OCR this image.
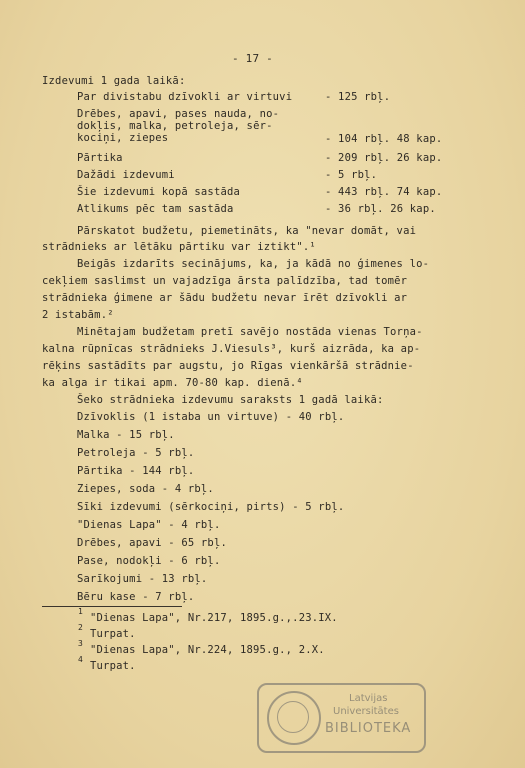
- 17 -
Izdevumi 1 gada laikā:
Par divistabu dzīvokli ar virtuvi	- 125 rbļ.
Drēbes, apavi, pases nauda, no-
dokļis, malka, petroleja, sēr-
kociņi, ziepes	- 104 rbļ. 48 kap.
Pārtika	- 209 rbļ. 26 kap.
Dažādi izdevumi	- 5 rbļ.
Šie izdevumi kopā sastāda	- 443 rbļ. 74 kap.
Atlikums pēc tam sastāda	- 36 rbļ. 26 kap.
Pārskatot budžetu, piemetināts, ka "nevar domāt, vai
strādnieks ar lētāku pārtiku var iztikt".¹
Beigās izdarīts secinājums, ka, ja kādā no ģimenes lo-
cekļiem saslimst un vajadzīga ārsta palīdzība, tad tomēr
strādnieka ģimene ar šādu budžetu nevar īrēt dzīvokli ar
2 istabām.²
Minētajam budžetam pretī savējo nostāda vienas Torņa-
kalna rūpnīcas strādnieks J.Viesuls³, kurš aizrāda, ka ap-
rēķins sastādīts par augstu, jo Rīgas vienkāršā strādnie-
ka alga ir tikai apm. 70-80 kap. dienā.⁴
Šeko strādnieka izdevumu saraksts 1 gadā laikā:
Dzīvoklis (1 istaba un virtuve) - 40 rbļ.
Malka - 15 rbļ.
Petroleja - 5 rbļ.
Pārtika - 144 rbļ.
Ziepes, soda - 4 rbļ.
Sīki izdevumi (sērkociņi, pirts) - 5 rbļ.
"Dienas Lapa" - 4 rbļ.
Drēbes, apavi - 65 rbļ.
Pase, nodokļi - 6 rbļ.
Sarīkojumi - 13 rbļ.
Bēru kase - 7 rbļ.
1
"Dienas Lapa", Nr.217, 1895.g.,.23.IX.
2
Turpat.
3
"Dienas Lapa", Nr.224, 1895.g., 2.X.
4
Turpat.
Latvijas
Universitātes
BIBLIOTEKA
